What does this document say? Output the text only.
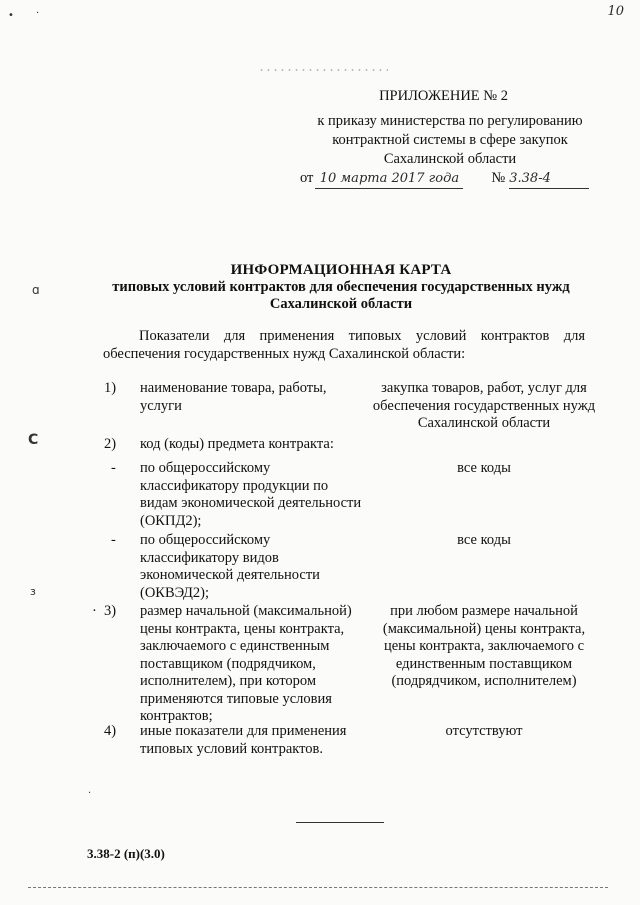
10
• ·
ɑ
C
ɜ
·
ПРИЛОЖЕНИЕ № 2
к приказу министерства по регулированию
контрактной системы в сфере закупок
Сахалинской области
от 10 марта 2017 года № 3.38-4
ИНФОРМАЦИОННАЯ КАРТА
типовых условий контрактов для обеспечения государственных нужд
Сахалинской области
Показатели для применения типовых условий контрактов для обеспечения государственных нужд Сахалинской области:
1) наименование товара, работы, услуги
закупка товаров, работ, услуг для обеспечения государственных нужд Сахалинской области
2) код (коды) предмета контракта:
- по общероссийскому классификатору продукции по видам экономической деятельности (ОКПД2);
все коды
- по общероссийскому классификатору видов экономической деятельности (ОКВЭД2);
все коды
· 3) размер начальной (максимальной) цены контракта, цены контракта, заключаемого с единственным поставщиком (подрядчиком, исполнителем), при котором применяются типовые условия контрактов;
при любом размере начальной (максимальной) цены контракта, цены контракта, заключаемого с единственным поставщиком (подрядчиком, исполнителем)
4) иные показатели для применения типовых условий контрактов.
отсутствуют
3.38-2 (п)(3.0)
